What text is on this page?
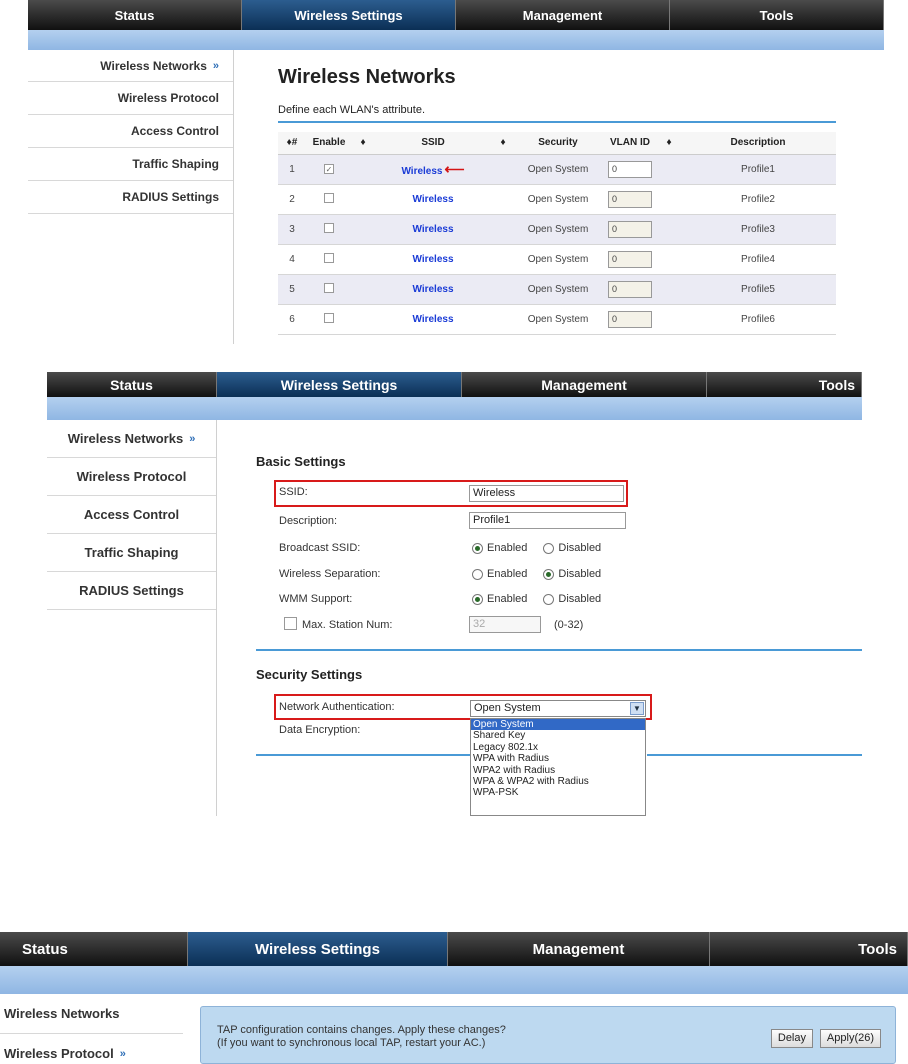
Status	Wireless Settings	Management	Tools
Wireless Networks »
Wireless Protocol
Access Control
Traffic Shaping
RADIUS Settings
Wireless Networks
Define each WLAN's attribute.
♦#	Enable	♦	SSID	♦	Security	VLAN ID	♦	Description
1	✓		Wireless ⟵		Open System	0		Profile1
2			Wireless		Open System	0		Profile2
3			Wireless		Open System	0		Profile3
4			Wireless		Open System	0		Profile4
5			Wireless		Open System	0		Profile5
6			Wireless		Open System	0		Profile6
Status	Wireless Settings	Management	Tools
Wireless Networks »
Wireless Protocol
Access Control
Traffic Shaping
RADIUS Settings
Basic Settings
SSID:	Wireless
Description:	Profile1
Broadcast SSID:	Enabled	Disabled
Wireless Separation:	Enabled	Disabled
WMM Support:	Enabled	Disabled
Max. Station Num:	32	(0-32)
Security Settings
Network Authentication:	Open System	▼
Data Encryption:	Open System
Shared Key
Legacy 802.1x
WPA with Radius
WPA2 with Radius
WPA & WPA2 with Radius
WPA-PSK
Status	Wireless Settings	Management	Tools
Wireless Networks
Wireless Protocol »
TAP configuration contains changes. Apply these changes?
(If you want to synchronous local TAP, restart your AC.)	Delay	Apply(26)
